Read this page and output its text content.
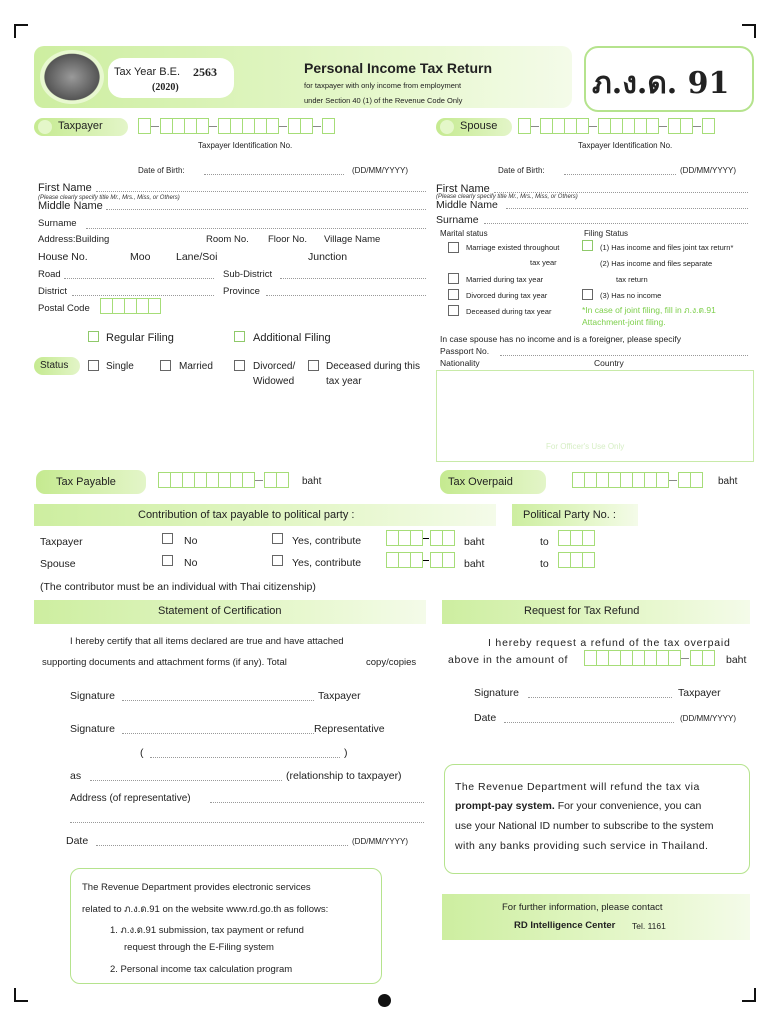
Tax Year B.E. 2563
(2020)
Personal Income Tax Return
for taxpayer with only income from employment
under Section 40 (1) of the Revenue Code Only	ภ.ง.ด. 91
Taxpayer
Taxpayer Identification No.
Date of Birth:	(DD/MM/YYYY)
First Name
(Please clearly specify title Mr., Mrs., Miss, or Others)
Middle Name
Surname
Address:Building	Room No. Floor No. Village Name
House No.	Moo Lane/Soi	Junction
Road	Sub-District
District	Province
Postal Code
Regular Filing	Additional Filing
Status	Single	Married	Divorced/
Widowed
Deceased during this
tax year
Spouse
Taxpayer Identification No.
Date of Birth:	(DD/MM/YYYY)
First Name
(Please clearly specify title Mr., Mrs., Miss, or Others)
Middle Name
Surname
Marital status	Filing Status
Marriage existed throughout
tax year
Married during tax year
Divorced during tax year
Deceased during tax year
(1) Has income and files joint tax return*
(2) Has income and files separate
tax return
(3) Has no income
*In case of joint filing, fill in ภ.ง.ด.91
Attachment-joint filing.
In case spouse has no income and is a foreigner, please specify
Passport No.
Nationality	Country
For Officer's Use Only
Tax Payable	baht	Tax Overpaid	baht
Contribution of tax payable to political party :	Political Party No. :
Taxpayer	No	Yes, contribute	baht	to
Spouse	No	Yes, contribute	baht	to
(The contributor must be an individual with Thai citizenship)
Statement of Certification
I hereby certify that all items declared are true and have attached
supporting documents and attachment forms (if any). Total	copy/copies
Signature	Taxpayer
Signature	Representative
(	)
as	(relationship to taxpayer)
Address (of representative)
Date	(DD/MM/YYYY)
The Revenue Department provides electronic services
related to ภ.ง.ด.91 on the website www.rd.go.th as follows:
1. ภ.ง.ด.91 submission, tax payment or refund
request through the E-Filing system
2. Personal income tax calculation program
Request for Tax Refund
I hereby request a refund of the tax overpaid
above in the amount of	baht
Signature	Taxpayer
Date	(DD/MM/YYYY)
The Revenue Department will refund the tax via
prompt-pay system. For your convenience, you can
use your National ID number to subscribe to the system
with any banks providing such service in Thailand.
For further information, please contact
RD Intelligence Center Tel. 1161
